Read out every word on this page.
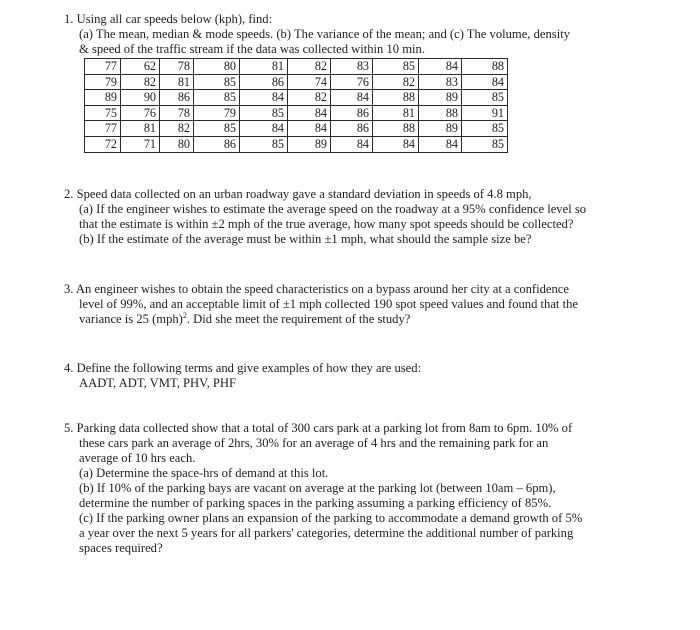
1. Using all car speeds below (kph), find:

(a) The mean, median & mode speeds. (b) The variance of the mean; and (c) The volume, density

& speed of the traffic stream if the data was collected within 10 min.

77	62	78	80	81	82	83	85	84	88
79	82	81	85	86	74	76	82	83	84
89	90	86	85	84	82	84	88	89	85
75	76	78	79	85	84	86	81	88	91
77	81	82	85	84	84	86	88	89	85
72	71	80	86	85	89	84	84	84	85

2. Speed data collected on an urban roadway gave a standard deviation in speeds of 4.8 mph,

(a) If the engineer wishes to estimate the average speed on the roadway at a 95% confidence level so

that the estimate is within ±2 mph of the true average, how many spot speeds should be collected?

(b) If the estimate of the average must be within ±1 mph, what should the sample size be?

3. An engineer wishes to obtain the speed characteristics on a bypass around her city at a confidence

level of 99%, and an acceptable limit of ±1 mph collected 190 spot speed values and found that the

variance is 25 (mph)$^2$. Did she meet the requirement of the study?

4. Define the following terms and give examples of how they are used:

AADT, ADT, VMT, PHV, PHF

5. Parking data collected show that a total of 300 cars park at a parking lot from 8am to 6pm. 10% of

these cars park an average of 2hrs, 30% for an average of 4 hrs and the remaining park for an

average of 10 hrs each.

(a) Determine the space-hrs of demand at this lot.

(b) If 10% of the parking bays are vacant on average at the parking lot (between 10am – 6pm),

determine the number of parking spaces in the parking assuming a parking efficiency of 85%.

(c) If the parking owner plans an expansion of the parking to accommodate a demand growth of 5%

a year over the next 5 years for all parkers' categories, determine the additional number of parking

spaces required?
